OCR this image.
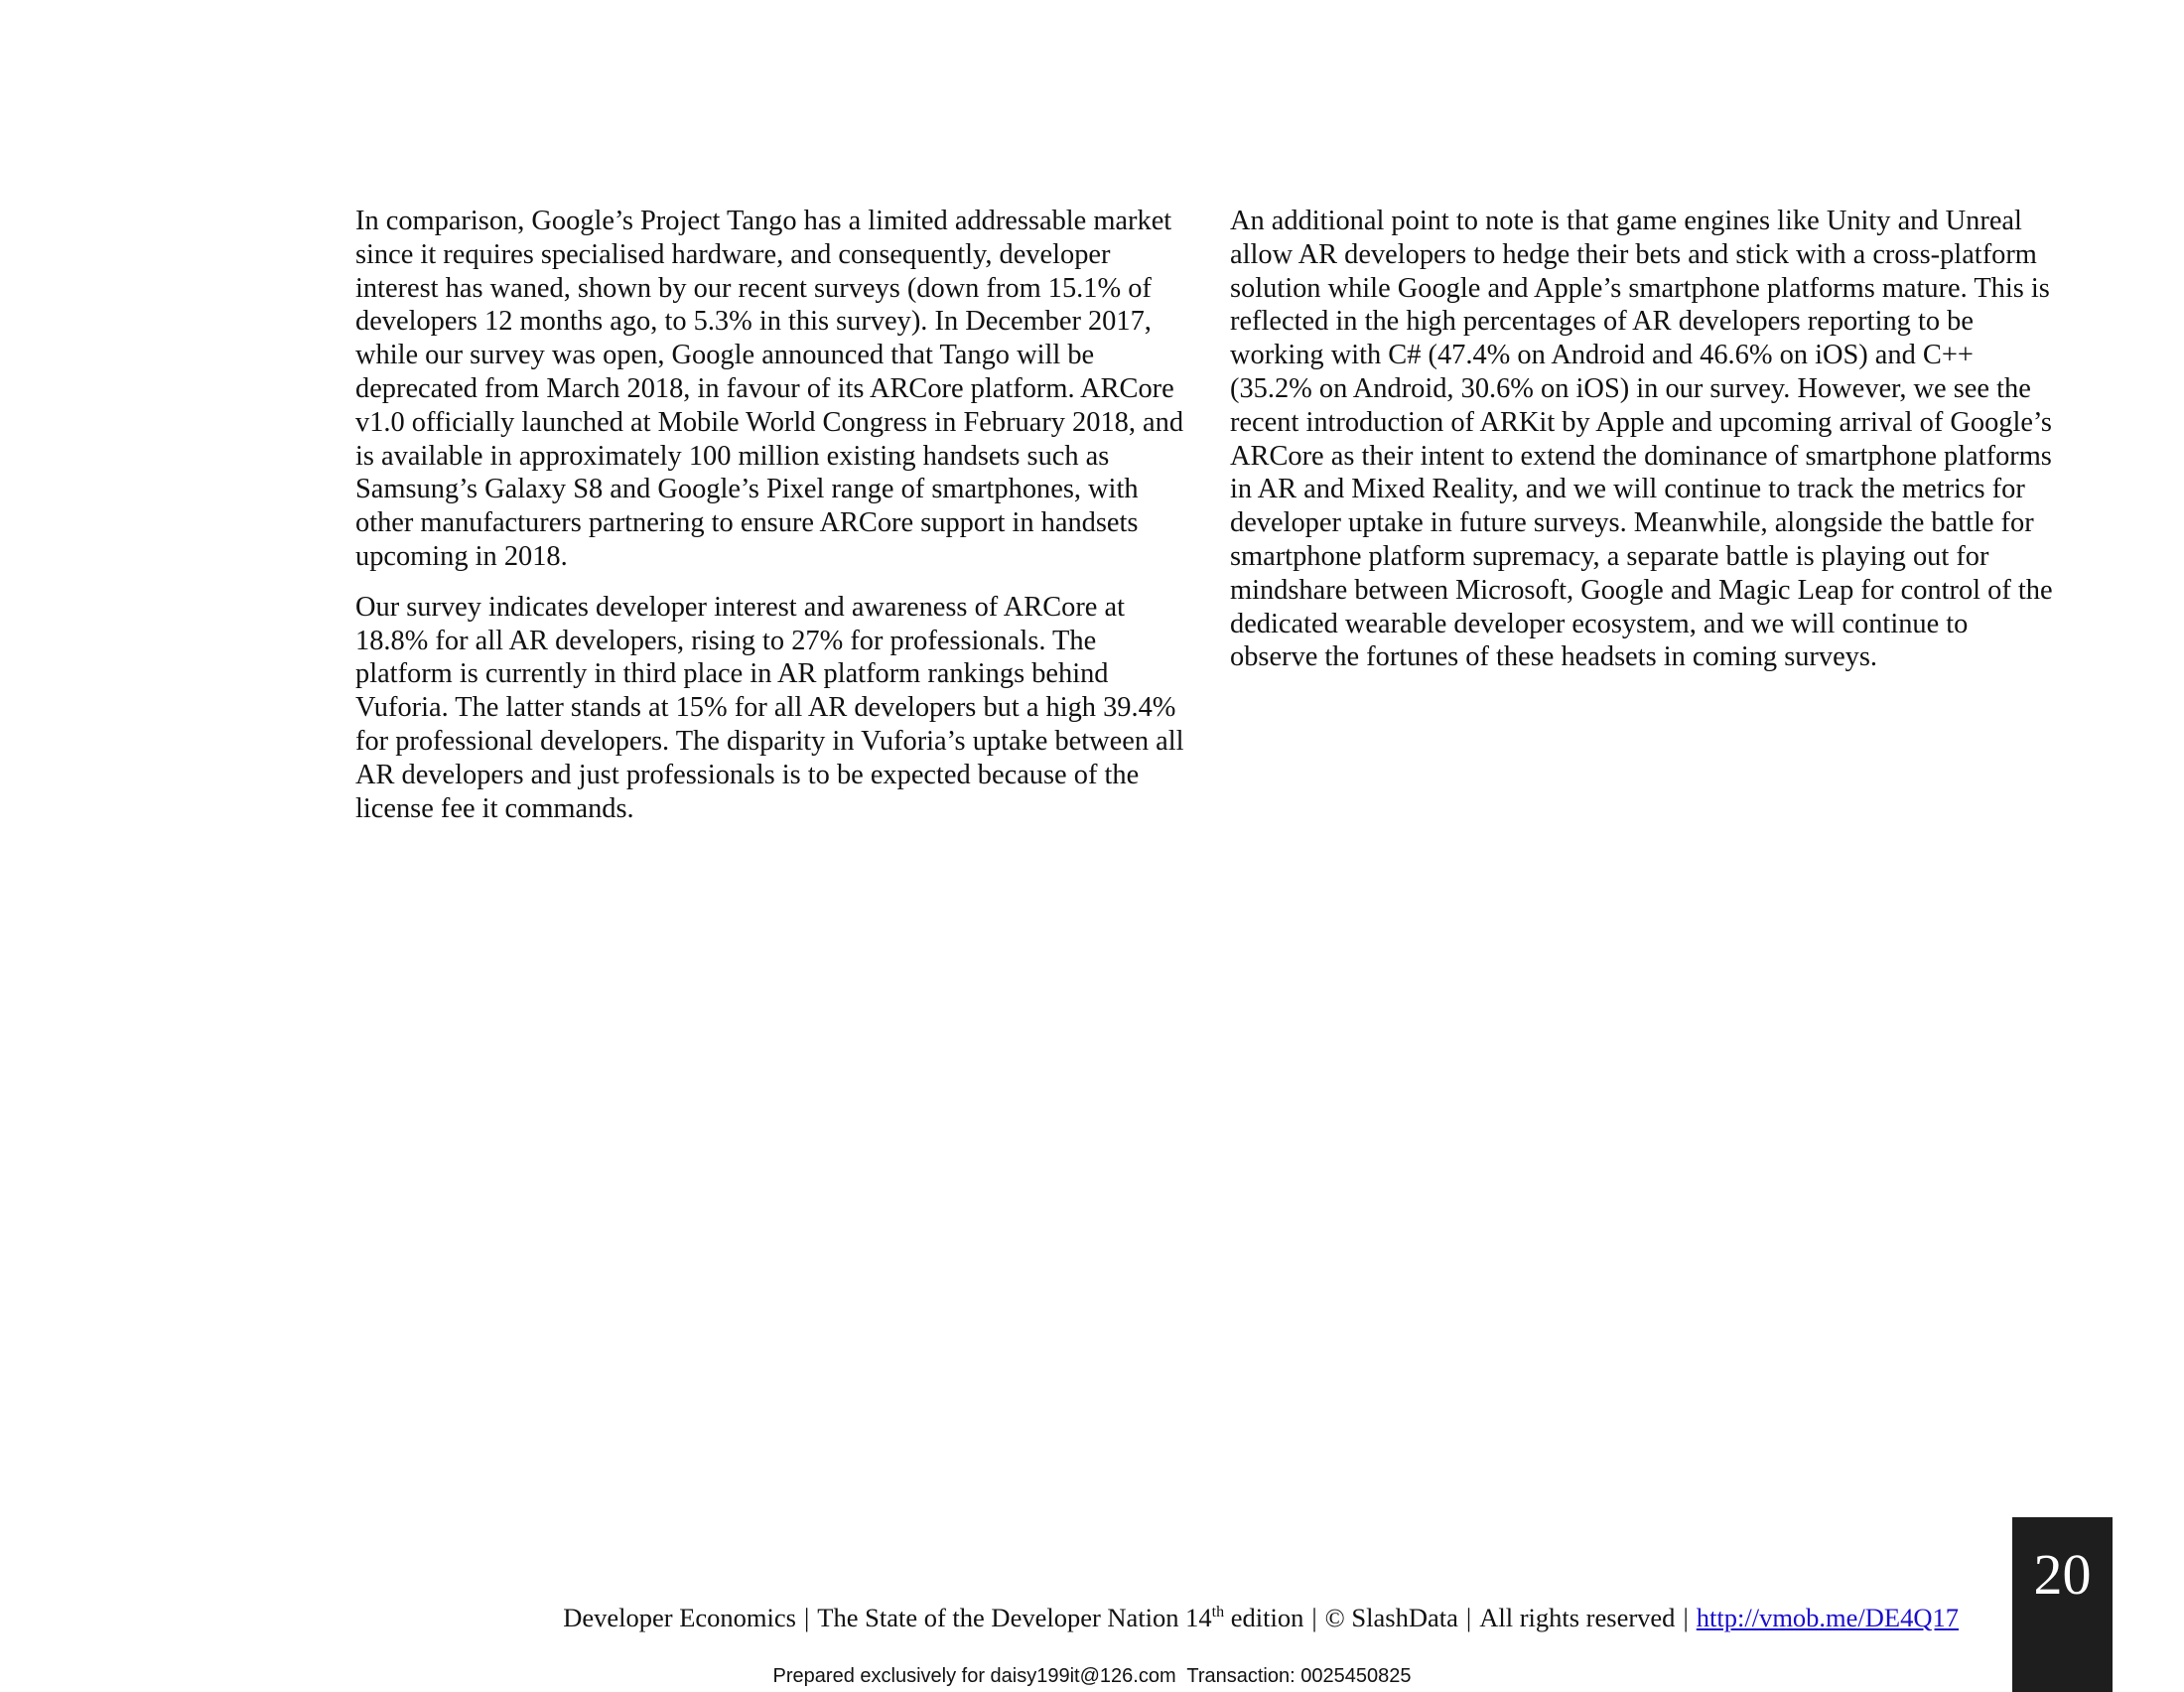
In comparison, Google’s Project Tango has a limited addressable market since it requires specialised hardware, and consequently, developer interest has waned, shown by our recent surveys (down from 15.1% of developers 12 months ago, to 5.3% in this survey). In December 2017, while our survey was open, Google announced that Tango will be deprecated from March 2018, in favour of its ARCore platform. ARCore v1.0 officially launched at Mobile World Congress in February 2018, and is available in approximately 100 million existing handsets such as Samsung’s Galaxy S8 and Google’s Pixel range of smartphones, with other manufacturers partnering to ensure ARCore support in handsets upcoming in 2018.

Our survey indicates developer interest and awareness of ARCore at 18.8% for all AR developers, rising to 27% for professionals. The platform is currently in third place in AR platform rankings behind Vuforia. The latter stands at 15% for all AR developers but a high 39.4% for professional developers. The disparity in Vuforia’s uptake between all AR developers and just professionals is to be expected because of the license fee it commands.

An additional point to note is that game engines like Unity and Unreal allow AR developers to hedge their bets and stick with a cross-platform solution while Google and Apple’s smartphone platforms mature. This is reflected in the high percentages of AR developers reporting to be working with C# (47.4% on Android and 46.6% on iOS) and C++ (35.2% on Android, 30.6% on iOS) in our survey. However, we see the recent introduction of ARKit by Apple and upcoming arrival of Google’s ARCore as their intent to extend the dominance of smartphone platforms in AR and Mixed Reality, and we will continue to track the metrics for developer uptake in future surveys. Meanwhile, alongside the battle for smartphone platform supremacy, a separate battle is playing out for mindshare between Microsoft, Google and Magic Leap for control of the dedicated wearable developer ecosystem, and we will continue to observe the fortunes of these headsets in coming surveys.

Developer Economics | The State of the Developer Nation 14th edition | © SlashData | All rights reserved | http://vmob.me/DE4Q17
20
Prepared exclusively for daisy199it@126.com  Transaction: 0025450825
